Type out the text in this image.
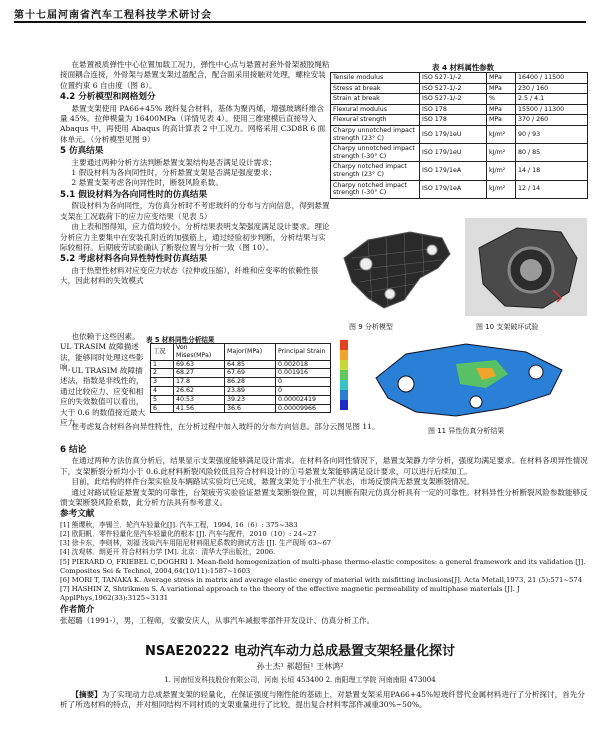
第十七届河南省汽车工程科技学术研讨会

在悬置被质弹性中心位置加载工况力，弹性中心点与悬置衬套外骨架被胶绳粘接面耦合连接，外骨架与悬置支架过盈配合，配合面采用接触对处理，螺栓安装位置约束 6 自由度（图 8）。

4.2 分析模型和网格划分

悬置支架使用 PA66+45% 玻纤复合材料，基体为聚丙烯，增强玻璃纤维含量 45%。拉伸模量为 16400MPa（详情见表 4）。使用三维建模后直接导入 Abaqus 中，再使用 Abaqus 的高计算表 2 中工况力。网格采用 C3D8R 6 面体单元。（分析模型见图 9）

5 仿真结果

主要通过两种分析方法判断悬置支架结构是否满足设计需求；

1 假设材料为各向同性时，分析悬置支架是否满足强度要求；

2 悬置支架考虑各向异性时，断裂风险系数。

5.1 假设材料为各向同性时的仿真结果

假设材料为各向同性，为仿真分析时不考虑玻纤的分布与方向信息，得到悬置支架在工况载荷下的应力应变结果（见表 5）

由上表和图得知，应力值均较小，分析结果表明支架强度满足设计要求。理论分析应力主要集中在安装孔附近的加强筋上，通过经验初步判断，分析结果与实际较相符。后期疲劳试验确认了断裂位置与分析一致（图 10）。

5.2 考虑材料各向异性特性时仿真结果

由于热塑性材料对应变应力状态（拉伸或压缩），纤维和应变率的依赖性很大，因此材料的失效模式

表 4 材料属性参数
Tensile modulus	ISO 527-1/-2	MPa	16400 / 11500
Stress at break	ISO 527-1/-2	MPa	230 / 160
Strain at break	ISO 527-1/-2	%	2.5 / 4.1
Flexural modulus	ISO 178	MPa	15500 / 11300
Flexural strength	ISO 178	MPa	370 / 260
Charpy unnotched impact strength (23° C)	ISO 179/1eU	kJ/m²	90 / 93
Charpy unnotched impact strength (-30° C)	ISO 179/1eU	kJ/m²	80 / 85
Charpy notched impact strength (23° C)	ISO 179/1eA	kJ/m²	14 / 18
Charpy notched impact strength (-30° C)	ISO 179/1eA	kJ/m²	12 / 14
图 9 分析模型	图 10 支架破坏试验
图 11 异性仿真分析结果

也依赖于这些因素。UL TRASIM 故障描述法，能够同时处理这些影响。

UL TRASIM 故障描述法，指数是非线性的，通过比较应力、应变和相应的失效数值可以看出，大于 0.6 的数值接近最大应力。

表 5 材料同性分析结果
工况	Von Mises(MPa)	Major(MPa)	Principal Strain
1	69.63	64.85	0.002018
2	68.27	67.69	0.001916
3	17.8	86.28	0
4	26.62	23.89	0
5	40.53	39.23	0.00002419
6	41.56	36.6	0.00009966

在考虑复合材料各向异性特性，在分析过程中加入玻纤的分布方向信息。部分云图见图 11。

6 结论

在通过两种方法仿真分析后，结果显示支架强度能够满足设计需求。在材料各向同性情况下，悬置支架静力学分析，强度均满足要求。在材料各项异性情况下，支架断裂分析均小于 0.6.此材料断裂风险较低且符合材料设计的①号悬置支架能够满足设计要求，可以进行后续加工。

目前，此结构的样件台架实验及车辆路试实验均已完成，悬置支架处于小批生产状态，市场反馈尚无悬置支架断裂情况。

通过对路试验证悬置支架的可靠性，台架疲劳实验验证悬置支架断裂位置，可以判断有限元仿真分析具有一定的可靠性。材料异性分析断裂风险参数能够反馈支架断裂风险系数，此分析方法具有参考意义。

参考文献
[1] 熊缨秋，李锡兰．轮汽车轻量化[J]. 汽车工程，1994, 16（6）: 375~383
[2] 欧阳帆．零件轻量化是汽车轻量化的根本 [J]. 汽车与配件，2010（10）: 24~27
[3] 徐卡东，李则林，刘福 浅谈汽车用阻尼材料阻尼系数的测试方法 [J]. 生产现场 63~67
[4] 沈观林．朗更开 符合材料力学 [M]. 北京：清华大学出版社，2006.
[5] PIERARD O, FRIEBEL C,DOGHRI I. Mean-field homogenization of multi-phase thermo-elastic composites: a general framework and its validation [J]. Composites Sei & Technol, 2004,64(10/11):1587~1603
[6] MORI T, TANAKA K. Average stress in matrix and average elastic energy of material with misfitting inclusions[J]. Acta Metall,1973, 21 (5):571~574
[7] HASHIN Z, Shtrikmen S. A variational approach to the theory of the effective magnetic permeability of multiphase materials [J]. J ApplPhys,1962(33):3125~3131
作者简介

张超璐（1991-），男，工程师，安徽安庆人，从事汽车减振零部件开发设计、仿真分析工作。

NSAE20222 电动汽车动力总成悬置支架轻量化探讨
孙士杰¹ 郝超恒¹ 王林鸿²
1. 河南恒发科技股份有限公司，河南 长垣 453400 2. 南阳理工学院 河南南阳 473004

【摘要】为了实现动力总成悬置支架的轻量化，在保证强度与刚性能的基础上，对悬置支架采用PA66+45%短玻纤替代金属材料进行了分析探讨，首先分析了所选材料的特点，并对相同结构不同材质的支架重量进行了比较，提出复合材料零部件减重30%~50%。
